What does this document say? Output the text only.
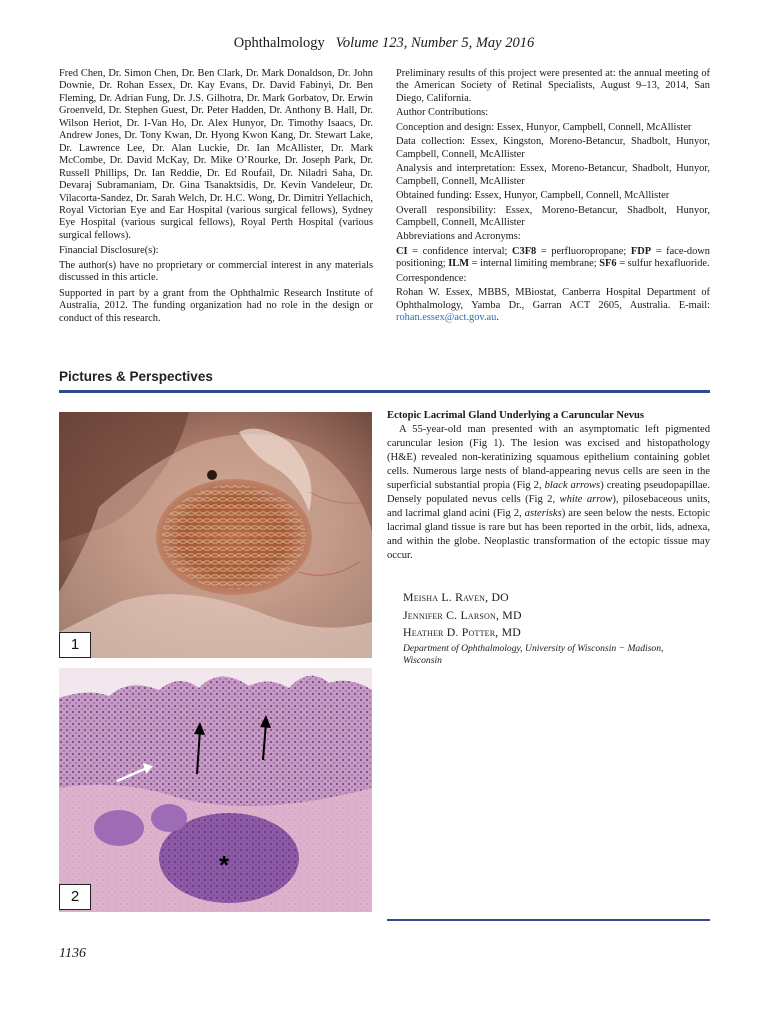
Ophthalmology Volume 123, Number 5, May 2016

Fred Chen, Dr. Simon Chen, Dr. Ben Clark, Dr. Mark Donaldson, Dr. John Downie, Dr. Rohan Essex, Dr. Kay Evans, Dr. David Fabinyi, Dr. Ben Fleming, Dr. Adrian Fung, Dr. J.S. Gilhotra, Dr. Mark Gorbatov, Dr. Erwin Groenveld, Dr. Stephen Guest, Dr. Peter Hadden, Dr. Anthony B. Hall, Dr. Wilson Heriot, Dr. I-Van Ho, Dr. Alex Hunyor, Dr. Timothy Isaacs, Dr. Andrew Jones, Dr. Tony Kwan, Dr. Hyong Kwon Kang, Dr. Stewart Lake, Dr. Lawrence Lee, Dr. Alan Luckie, Dr. Ian McAllister, Dr. Mark McCombe, Dr. David McKay, Dr. Mike O’Rourke, Dr. Joseph Park, Dr. Russell Phillips, Dr. Ian Reddie, Dr. Ed Roufail, Dr. Niladri Saha, Dr. Devaraj Subramaniam, Dr. Gina Tsanaktsidis, Dr. Kevin Vandeleur, Dr. Vilacorta-Sandez, Dr. Sarah Welch, Dr. H.C. Wong, Dr. Dimitri Yellachich, Royal Victorian Eye and Ear Hospital (various surgical fellows), Sydney Eye Hospital (various surgical fellows), Royal Perth Hospital (various surgical fellows).

Financial Disclosure(s):

The author(s) have no proprietary or commercial interest in any materials discussed in this article.

Supported in part by a grant from the Ophthalmic Research Institute of Australia, 2012. The funding organization had no role in the design or conduct of this research.

Preliminary results of this project were presented at: the annual meeting of the American Society of Retinal Specialists, August 9–13, 2014, San Diego, California.

Author Contributions:

Conception and design: Essex, Hunyor, Campbell, Connell, McAllister

Data collection: Essex, Kingston, Moreno-Betancur, Shadbolt, Hunyor, Campbell, Connell, McAllister

Analysis and interpretation: Essex, Moreno-Betancur, Shadbolt, Hunyor, Campbell, Connell, McAllister

Obtained funding: Essex, Hunyor, Campbell, Connell, McAllister

Overall responsibility: Essex, Moreno-Betancur, Shadbolt, Hunyor, Campbell, Connell, McAllister

Abbreviations and Acronyms:

CI = confidence interval; C3F8 = perfluoropropane; FDP = face-down positioning; ILM = internal limiting membrane; SF6 = sulfur hexafluoride.

Correspondence:

Rohan W. Essex, MBBS, MBiostat, Canberra Hospital Department of Ophthalmology, Yamba Dr., Garran ACT 2605, Australia. E-mail: rohan.essex@act.gov.au.

Pictures & Perspectives
1
*
2
Ectopic Lacrimal Gland Underlying a Caruncular Nevus

A 55-year-old man presented with an asymptomatic left pigmented caruncular lesion (Fig 1). The lesion was excised and histopathology (H&E) revealed non-keratinizing squamous epithelium containing goblet cells. Numerous large nests of bland-appearing nevus cells are seen in the superficial substantial propia (Fig 2, black arrows) creating pseudopapillae. Densely populated nevus cells (Fig 2, white arrow), pilosebaceous units, and lacrimal gland acini (Fig 2, asterisks) are seen below the nests. Ectopic lacrimal gland tissue is rare but has been reported in the orbit, lids, adnexa, and within the globe. Neoplastic transformation of the ectopic tissue may occur.

Meisha L. Raven, DO
Jennifer C. Larson, MD
Heather D. Potter, MD
Department of Ophthalmology, University of Wisconsin − Madison, Wisconsin
1136
